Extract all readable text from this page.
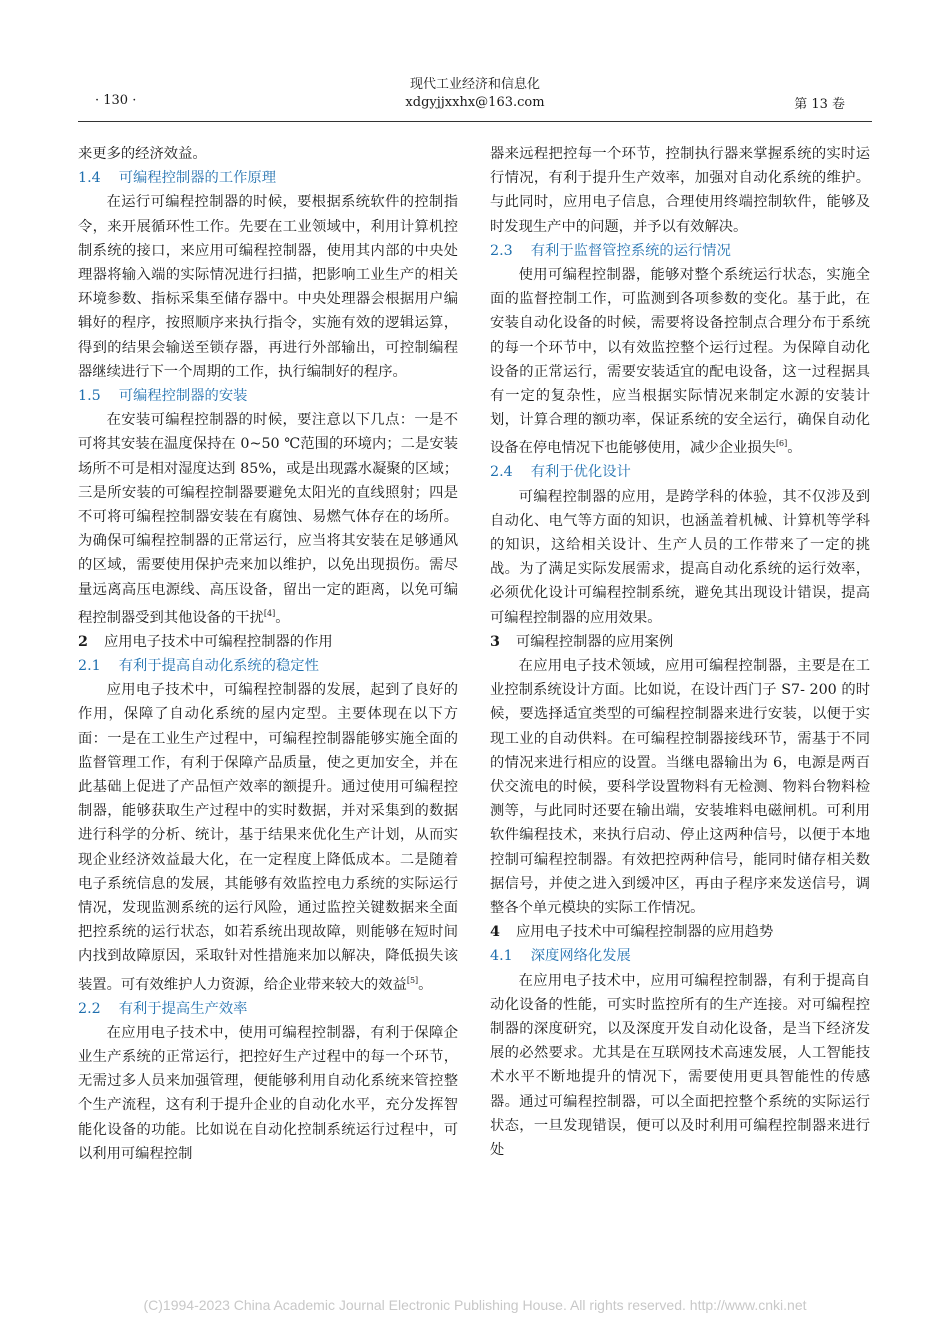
· 130 ·
现代工业经济和信息化
xdgyjjxxhx@163.com	第 13 卷

来更多的经济效益。

1.4 可编程控制器的工作原理

在运行可编程控制器的时候，要根据系统软件的控制指令，来开展循环性工作。先要在工业领域中，利用计算机控制系统的接口，来应用可编程控制器，使用其内部的中央处理器将输入端的实际情况进行扫描，把影响工业生产的相关环境参数、指标采集至储存器中。中央处理器会根据用户编辑好的程序，按照顺序来执行指令，实施有效的逻辑运算，得到的结果会输送至锁存器，再进行外部输出，可控制编程器继续进行下一个周期的工作，执行编制好的程序。

1.5 可编程控制器的安装

在安装可编程控制器的时候，要注意以下几点：一是不可将其安装在温度保持在 0~50 ℃范围的环境内；二是安装场所不可是相对湿度达到 85%，或是出现露水凝聚的区域；三是所安装的可编程控制器要避免太阳光的直线照射；四是不可将可编程控制器安装在有腐蚀、易燃气体存在的场所。为确保可编程控制器的正常运行，应当将其安装在足够通风的区域，需要使用保护壳来加以维护，以免出现损伤。需尽量远离高压电源线、高压设备，留出一定的距离，以免可编程控制器受到其他设备的干扰[4]。

2 应用电子技术中可编程控制器的作用
2.1 有利于提高自动化系统的稳定性

应用电子技术中，可编程控制器的发展，起到了良好的作用，保障了自动化系统的屋内定型。主要体现在以下方面：一是在工业生产过程中，可编程控制器能够实施全面的监督管理工作，有利于保障产品质量，使之更加安全，并在此基础上促进了产品恒产效率的额提升。通过使用可编程控制器，能够获取生产过程中的实时数据，并对采集到的数据进行科学的分析、统计，基于结果来优化生产计划，从而实现企业经济效益最大化，在一定程度上降低成本。二是随着电子系统信息的发展，其能够有效监控电力系统的实际运行情况，发现监测系统的运行风险，通过监控关键数据来全面把控系统的运行状态，如若系统出现故障，则能够在短时间内找到故障原因，采取针对性措施来加以解决，降低损失该装置。可有效维护人力资源，给企业带来较大的效益[5]。

2.2 有利于提高生产效率

在应用电子技术中，使用可编程控制器，有利于保障企业生产系统的正常运行，把控好生产过程中的每一个环节，无需过多人员来加强管理，便能够利用自动化系统来管控整个生产流程，这有利于提升企业的自动化水平，充分发挥智能化设备的功能。比如说在自动化控制系统运行过程中，可以利用可编程控制

器来远程把控每一个环节，控制执行器来掌握系统的实时运行情况，有利于提升生产效率，加强对自动化系统的维护。与此同时，应用电子信息，合理使用终端控制软件，能够及时发现生产中的问题，并予以有效解决。

2.3 有利于监督管控系统的运行情况

使用可编程控制器，能够对整个系统运行状态，实施全面的监督控制工作，可监测到各项参数的变化。基于此，在安装自动化设备的时候，需要将设备控制点合理分布于系统的每一个环节中，以有效监控整个运行过程。为保障自动化设备的正常运行，需要安装适宜的配电设备，这一过程据具有一定的复杂性，应当根据实际情况来制定水源的安装计划，计算合理的额功率，保证系统的安全运行，确保自动化设备在停电情况下也能够使用，减少企业损失[6]。

2.4 有利于优化设计

可编程控制器的应用，是跨学科的体验，其不仅涉及到自动化、电气等方面的知识，也涵盖着机械、计算机等学科的知识，这给相关设计、生产人员的工作带来了一定的挑战。为了满足实际发展需求，提高自动化系统的运行效率，必须优化设计可编程控制系统，避免其出现设计错误，提高可编程控制器的应用效果。

3 可编程控制器的应用案例

在应用电子技术领域，应用可编程控制器，主要是在工业控制系统设计方面。比如说，在设计西门子 S7- 200 的时候，要选择适宜类型的可编程控制器来进行安装，以便于实现工业的自动供料。在可编程控制器接线环节，需基于不同的情况来进行相应的设置。当继电器输出为 6，电源是两百伏交流电的时候，要科学设置物料有无检测、物料台物料检测等，与此同时还要在输出端，安装堆料电磁闸机。可利用软件编程技术，来执行启动、停止这两种信号，以便于本地控制可编程控制器。有效把控两种信号，能同时储存相关数据信号，并使之进入到缓冲区，再由子程序来发送信号，调整各个单元模块的实际工作情况。

4 应用电子技术中可编程控制器的应用趋势
4.1 深度网络化发展

在应用电子技术中，应用可编程控制器，有利于提高自动化设备的性能，可实时监控所有的生产连接。对可编程控制器的深度研究，以及深度开发自动化设备，是当下经济发展的必然要求。尤其是在互联网技术高速发展，人工智能技术水平不断地提升的情况下，需要使用更具智能性的传感器。通过可编程控制器，可以全面把控整个系统的实际运行状态，一旦发现错误，便可以及时利用可编程控制器来进行处

(C)1994-2023 China Academic Journal Electronic Publishing House. All rights reserved. http://www.cnki.net
